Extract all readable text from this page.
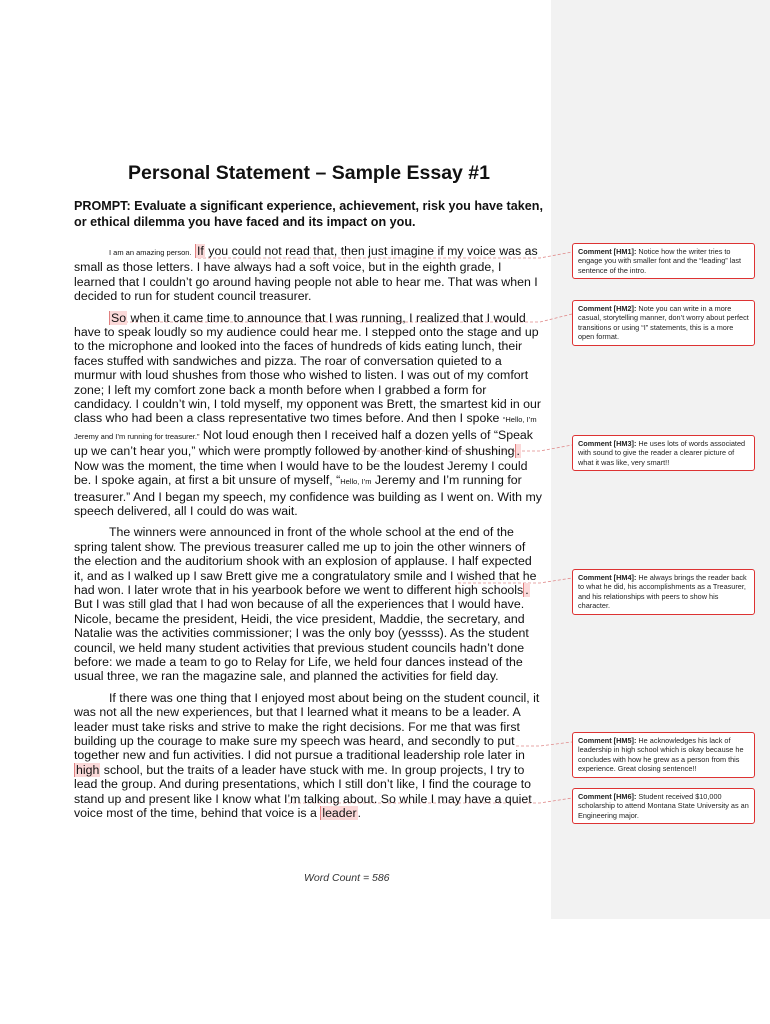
Personal Statement – Sample Essay #1
PROMPT: Evaluate a significant experience, achievement, risk you have taken, or ethical dilemma you have faced and its impact on you.

I am an amazing person. If you could not read that, then just imagine if my voice was as small as those letters. I have always had a soft voice, but in the eighth grade, I learned that I couldn’t go around having people not able to hear me. That was when I decided to run for student council treasurer.

So when it came time to announce that I was running, I realized that I would have to speak loudly so my audience could hear me. I stepped onto the stage and up to the microphone and looked into the faces of hundreds of kids eating lunch, their faces stuffed with sandwiches and pizza. The roar of conversation quieted to a murmur with loud shushes from those who wished to listen. I was out of my comfort zone; I left my comfort zone back a month before when I grabbed a form for candidacy. I couldn’t win, I told myself, my opponent was Brett, the smartest kid in our class who had been a class representative two times before. And then I spoke “Hello, I’m Jeremy and I’m running for treasurer.” Not loud enough then I received half a dozen yells of “Speak up we can’t hear you,” which were promptly followed by another kind of shushing . Now was the moment, the time when I would have to be the loudest Jeremy I could be. I spoke again, at first a bit unsure of myself, “Hello, I’m Jeremy and I’m running for treasurer.” And I began my speech, my confidence was building as I went on. With my speech delivered, all I could do was wait.

The winners were announced in front of the whole school at the end of the spring talent show. The previous treasurer called me up to join the other winners of the election and the auditorium shook with an explosion of applause. I half expected it, and as I walked up I saw Brett give me a congratulatory smile and I wished that he had won. I later wrote that in his yearbook before we went to different high schools . But I was still glad that I had won because of all the experiences that I would have. Nicole, became the president, Heidi, the vice president, Maddie, the secretary, and Natalie was the activities commissioner; I was the only boy (yessss). As the student council, we held many student activities that previous student councils hadn’t done before: we made a team to go to Relay for Life, we held four dances instead of the usual three, we ran the magazine sale, and planned the activities for field day.

If there was one thing that I enjoyed most about being on the student council, it was not all the new experiences, but that I learned what it means to be a leader. A leader must take risks and strive to make the right decisions. For me that was first building up the courage to make sure my speech was heard, and secondly to put together new and fun activities. I did not pursue a traditional leadership role later in high school, but the traits of a leader have stuck with me. In group projects, I try to lead the group. And during presentations, which I still don’t like, I find the courage to stand up and present like I know what I’m talking about. So while I may have a quiet voice most of the time, behind that voice is a leader.

Word Count = 586
Comment [HM1]: Notice how the writer tries to engage you with smaller font and the “leading” last sentence of the intro.
Comment [HM2]: Note you can write in a more casual, storytelling manner, don’t worry about perfect transitions or using “I” statements, this is a more open format.
Comment [HM3]: He uses lots of words associated with sound to give the reader a clearer picture of what it was like, very smart!!
Comment [HM4]: He always brings the reader back to what he did, his accomplishments as a Treasurer, and his relationships with peers to show his character.
Comment [HM5]: He acknowledges his lack of leadership in high school which is okay because he concludes with how he grew as a person from this experience. Great closing sentence!!
Comment [HM6]: Student received $10,000 scholarship to attend Montana State University as an Engineering major.
